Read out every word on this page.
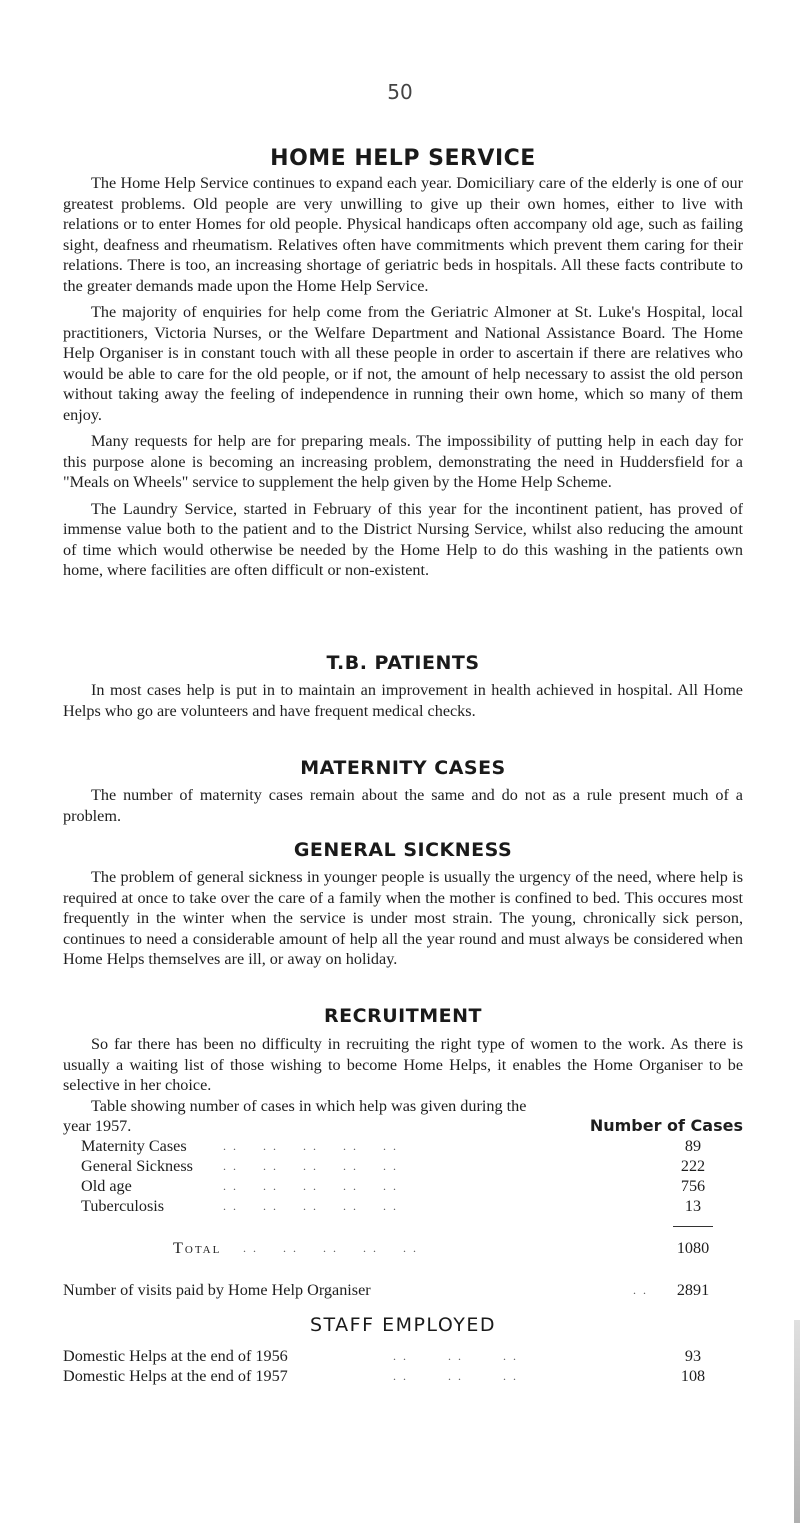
50
HOME HELP SERVICE

The Home Help Service continues to expand each year. Domiciliary care of the elderly is one of our greatest problems. Old people are very unwilling to give up their own homes, either to live with relations or to enter Homes for old people. Physical handicaps often accompany old age, such as failing sight, deafness and rheumatism. Relatives often have commitments which prevent them caring for their relations. There is too, an increasing shortage of geriatric beds in hospitals. All these facts contribute to the greater demands made upon the Home Help Service.

The majority of enquiries for help come from the Geriatric Almoner at St. Luke's Hospital, local practitioners, Victoria Nurses, or the Welfare Department and National Assistance Board. The Home Help Organiser is in constant touch with all these people in order to ascertain if there are relatives who would be able to care for the old people, or if not, the amount of help necessary to assist the old person without taking away the feeling of independence in running their own home, which so many of them enjoy.

Many requests for help are for preparing meals. The impossibility of putting help in each day for this purpose alone is becoming an increasing problem, demonstrating the need in Huddersfield for a "Meals on Wheels" service to supplement the help given by the Home Help Scheme.

The Laundry Service, started in February of this year for the incontinent patient, has proved of immense value both to the patient and to the District Nursing Service, whilst also reducing the amount of time which would otherwise be needed by the Home Help to do this washing in the patients own home, where facilities are often difficult or non-existent.

T.B. PATIENTS

In most cases help is put in to maintain an improvement in health achieved in hospital. All Home Helps who go are volunteers and have frequent medical checks.

MATERNITY CASES

The number of maternity cases remain about the same and do not as a rule present much of a problem.

GENERAL SICKNESS

The problem of general sickness in younger people is usually the urgency of the need, where help is required at once to take over the care of a family when the mother is confined to bed. This occures most frequently in the winter when the service is under most strain. The young, chronically sick person, continues to need a considerable amount of help all the year round and must always be considered when Home Helps themselves are ill, or away on holiday.

RECRUITMENT

So far there has been no difficulty in recruiting the right type of women to the work. As there is usually a waiting list of those wishing to become Home Helps, it enables the Home Organiser to be selective in her choice.

Table showing number of cases in which help was given during the
year 1957.	Number of Cases
Maternity Cases	. .     . .     . .     . .     . .	89
General Sickness	. .     . .     . .     . .     . .	222
Old age	. .     . .     . .     . .     . .	756
Tuberculosis	. .     . .     . .     . .     . .	13
Total . .     . .     . .     . .     . .	1080
Number of visits paid by Home Help Organiser	. .	2891
STAFF EMPLOYED
Domestic Helps at the end of 1956	. .        . .        . .	93
Domestic Helps at the end of 1957	. .        . .        . .	108
